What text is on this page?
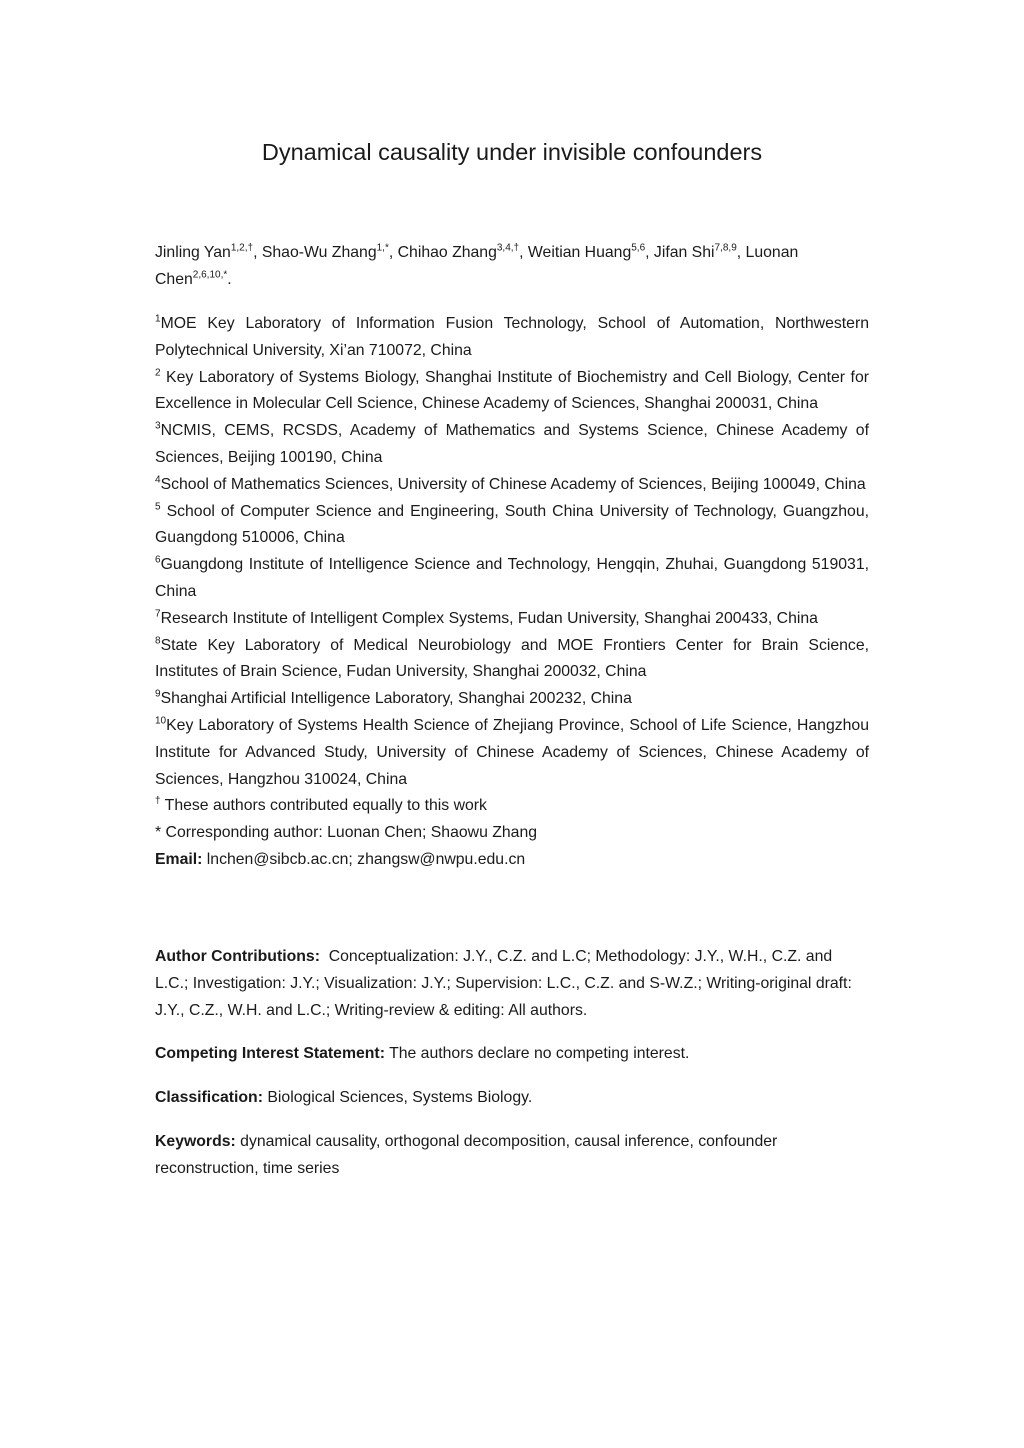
Dynamical causality under invisible confounders
Jinling Yan$^{1,2,\dagger}$, Shao-Wu Zhang$^{1,*}$, Chihao Zhang$^{3,4,\dagger}$, Weitian Huang$^{5,6}$, Jifan Shi$^{7,8,9}$, Luonan Chen$^{2,6,10,*}$.

$^1$MOE Key Laboratory of Information Fusion Technology, School of Automation, Northwestern Polytechnical University, Xi’an 710072, China

$^2$ Key Laboratory of Systems Biology, Shanghai Institute of Biochemistry and Cell Biology, Center for Excellence in Molecular Cell Science, Chinese Academy of Sciences, Shanghai 200031, China

$^3$NCMIS, CEMS, RCSDS, Academy of Mathematics and Systems Science, Chinese Academy of Sciences, Beijing 100190, China

$^4$School of Mathematics Sciences, University of Chinese Academy of Sciences, Beijing 100049, China

$^5$ School of Computer Science and Engineering, South China University of Technology, Guangzhou, Guangdong 510006, China

$^6$Guangdong Institute of Intelligence Science and Technology, Hengqin, Zhuhai, Guangdong 519031, China

$^7$Research Institute of Intelligent Complex Systems, Fudan University, Shanghai 200433, China

$^8$State Key Laboratory of Medical Neurobiology and MOE Frontiers Center for Brain Science, Institutes of Brain Science, Fudan University, Shanghai 200032, China

$^9$Shanghai Artificial Intelligence Laboratory, Shanghai 200232, China

$^{10}$Key Laboratory of Systems Health Science of Zhejiang Province, School of Life Science, Hangzhou Institute for Advanced Study, University of Chinese Academy of Sciences, Chinese Academy of Sciences, Hangzhou 310024, China

† These authors contributed equally to this work

* Corresponding author: Luonan Chen; Shaowu Zhang

Email: lnchen@sibcb.ac.cn; zhangsw@nwpu.edu.cn

Author Contributions: Conceptualization: J.Y., C.Z. and L.C; Methodology: J.Y., W.H., C.Z. and L.C.; Investigation: J.Y.; Visualization: J.Y.; Supervision: L.C., C.Z. and S-W.Z.; Writing-original draft: J.Y., C.Z., W.H. and L.C.; Writing-review & editing: All authors.

Competing Interest Statement: The authors declare no competing interest.

Classification: Biological Sciences, Systems Biology.

Keywords: dynamical causality, orthogonal decomposition, causal inference, confounder reconstruction, time series
